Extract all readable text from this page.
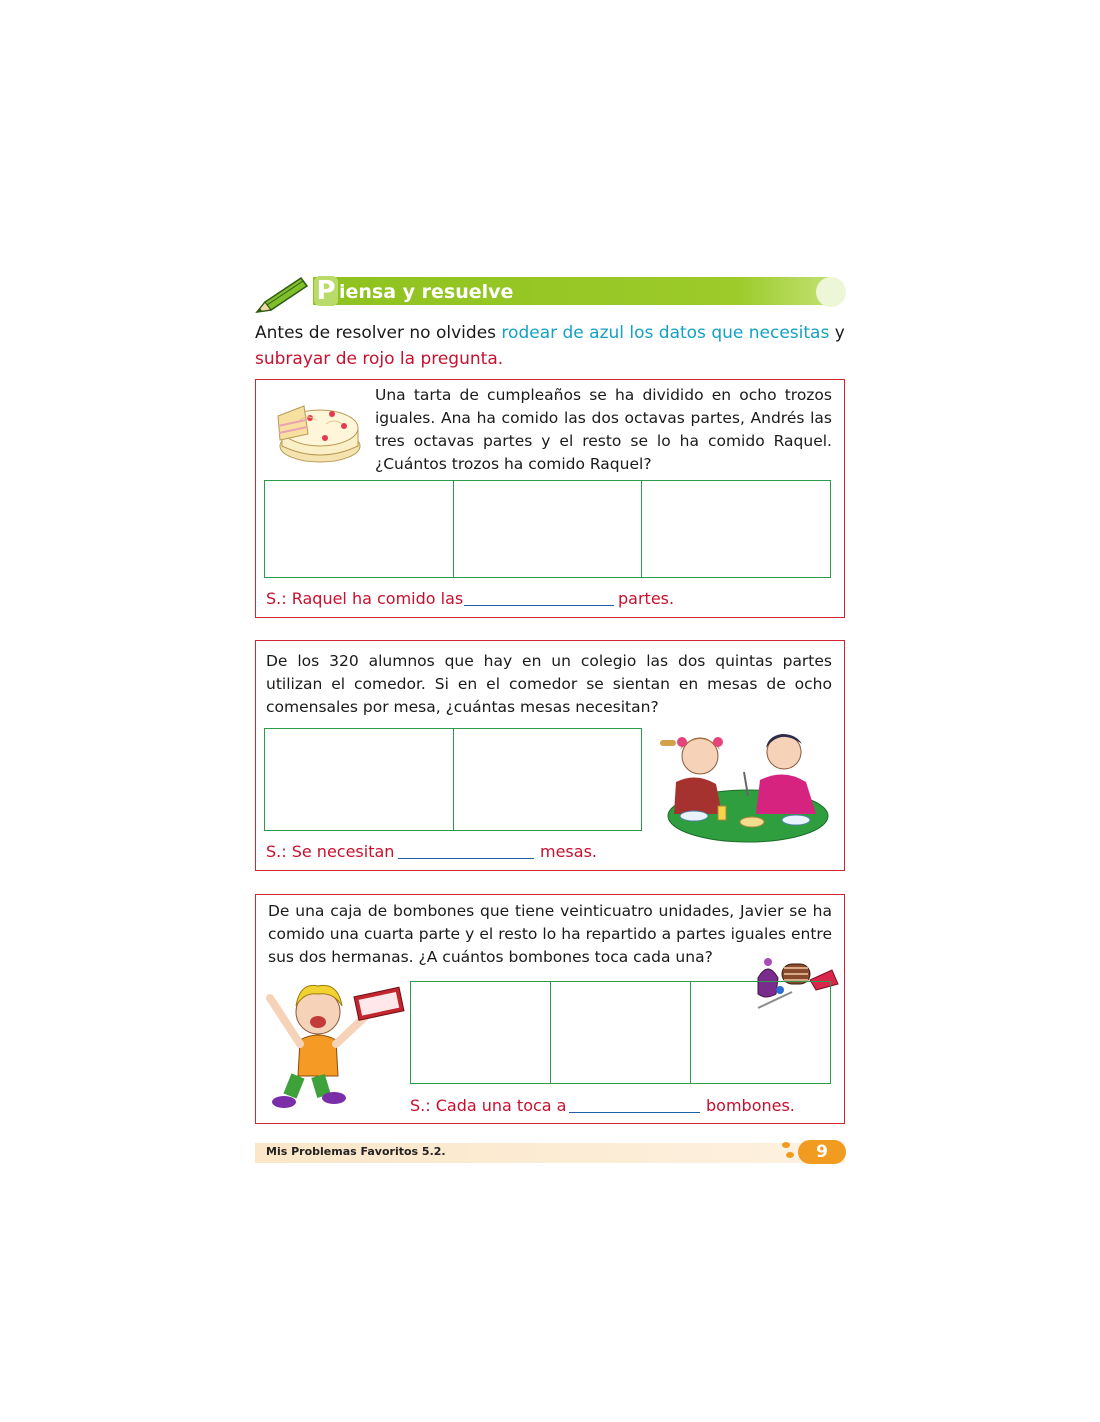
P iensa y resuelve
Antes de resolver no olvides rodear de azul los datos que necesitas y
subrayar de rojo la pregunta.
Una tarta de cumpleaños se ha dividido en ocho trozos iguales. Ana ha comido las dos octavas partes, Andrés las tres octavas partes y el resto se lo ha comido Raquel. ¿Cuántos trozos ha comido Raquel?
S.: Raquel ha comido las	partes.
De los 320 alumnos que hay en un colegio las dos quintas partes utilizan el comedor. Si en el comedor se sientan en mesas de ocho comensales por mesa, ¿cuántas mesas necesitan?
S.: Se necesitan	mesas.
De una caja de bombones que tiene veinticuatro unidades, Javier se ha comido una cuarta parte y el resto lo ha repartido a partes iguales entre sus dos hermanas. ¿A cuántos bombones toca cada una?
S.: Cada una toca a	bombones.
Mis Problemas Favoritos 5.2.	9
